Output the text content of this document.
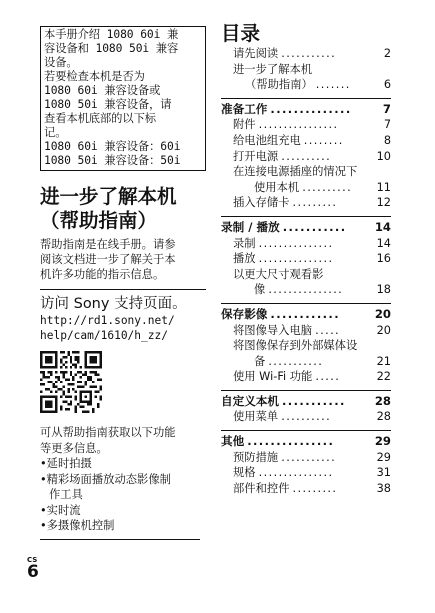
本手册介绍 1080 60i 兼
容设备和 1080 50i 兼容
设备。
若要检查本机是否为
1080 60i 兼容设备或
1080 50i 兼容设备，请
查看本机底部的以下标
记。
1080 60i 兼容设备：60i
1080 50i 兼容设备：50i
进一步了解本机
（帮助指南）
帮助指南是在线手册。请参
阅该文档进一步了解关于本
机许多功能的指示信息。
访问 Sony 支持页面。
http://rd1.sony.net/
help/cam/1610/h_zz/
可从帮助指南获取以下功能
等更多信息。
•延时拍摄
•精彩场面播放动态影像制
作工具
•实时流
•多摄像机控制
CS
6
目录
请先阅读 ...........	2
进一步了解本机
（帮助指南） .......	6
准备工作 ..............	7
附件 ................	7
给电池组充电 ........	8
打开电源 ..........	10
在连接电源插座的情况下
使用本机 ..........	11
插入存储卡 .........	12
录制 / 播放 ...........	14
录制 ...............	14
播放 ...............	16
以更大尺寸观看影
像 ...............	18
保存影像 ............	20
将图像导入电脑 .....	20
将图像保存到外部媒体设
备 ...........	21
使用 Wi-Fi 功能 .....	22
自定义本机 ...........	28
使用菜单 ..........	28
其他 ...............	29
预防措施 ...........	29
规格 ...............	31
部件和控件 .........	38
